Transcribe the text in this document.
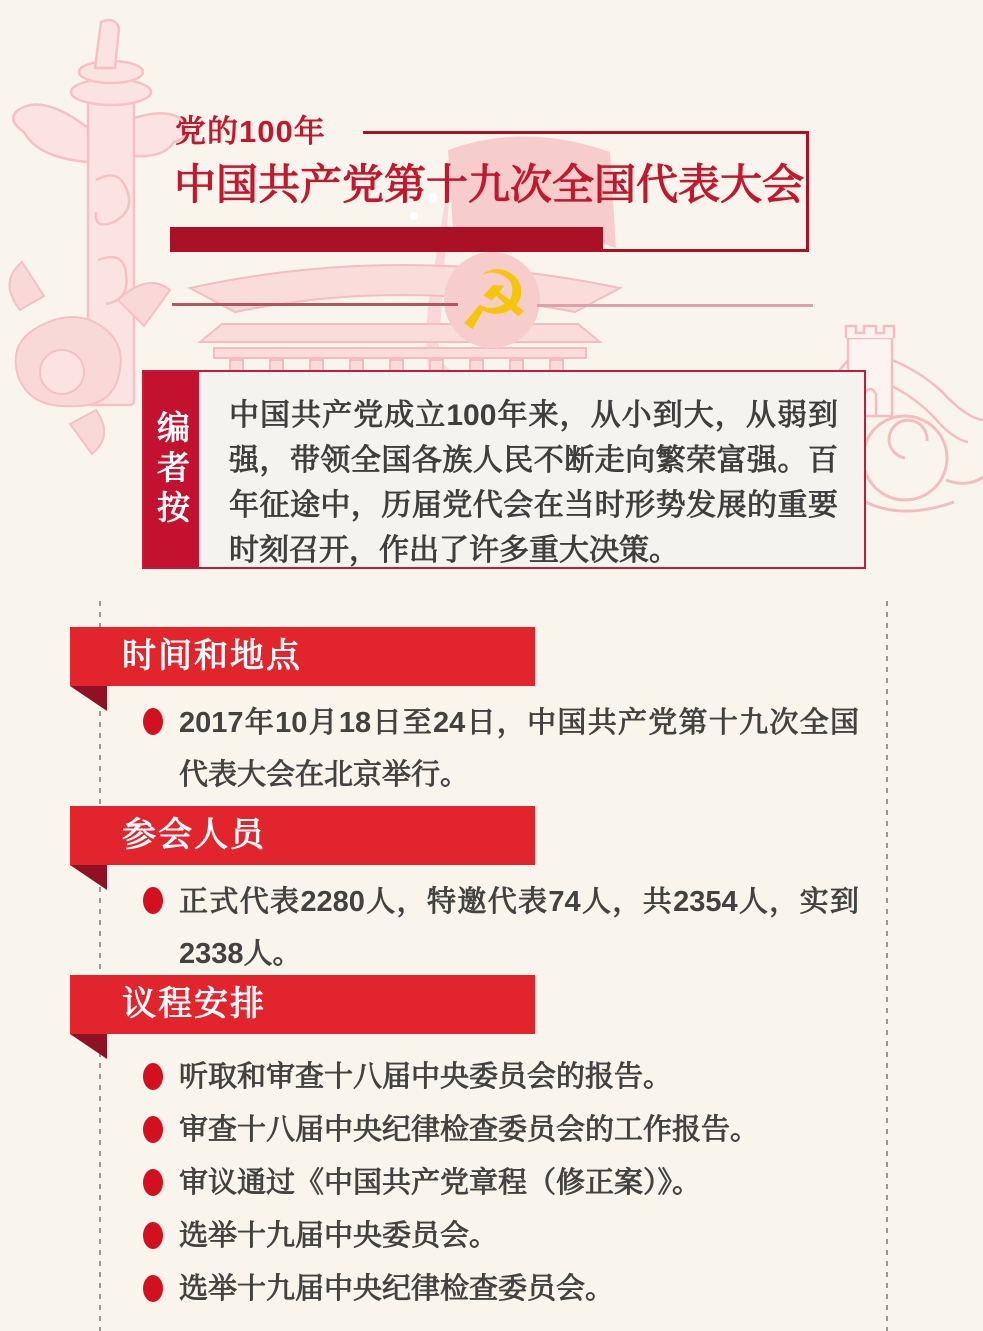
党的100年
中国共产党第十九次全国代表大会
☭
编者按	中国共产党成立100年来，从小到大，从弱到强，带领全国各族人民不断走向繁荣富强。百年征途中，历届党代会在当时形势发展的重要时刻召开，作出了许多重大决策。
时间和地点
2017年10月18日至24日，中国共产党第十九次全国代表大会在北京举行。
参会人员
正式代表2280人，特邀代表74人，共2354人，实到2338人。
议程安排
听取和审查十八届中央委员会的报告。
审查十八届中央纪律检查委员会的工作报告。
审议通过《中国共产党章程（修正案）》。
选举十九届中央委员会。
选举十九届中央纪律检查委员会。
